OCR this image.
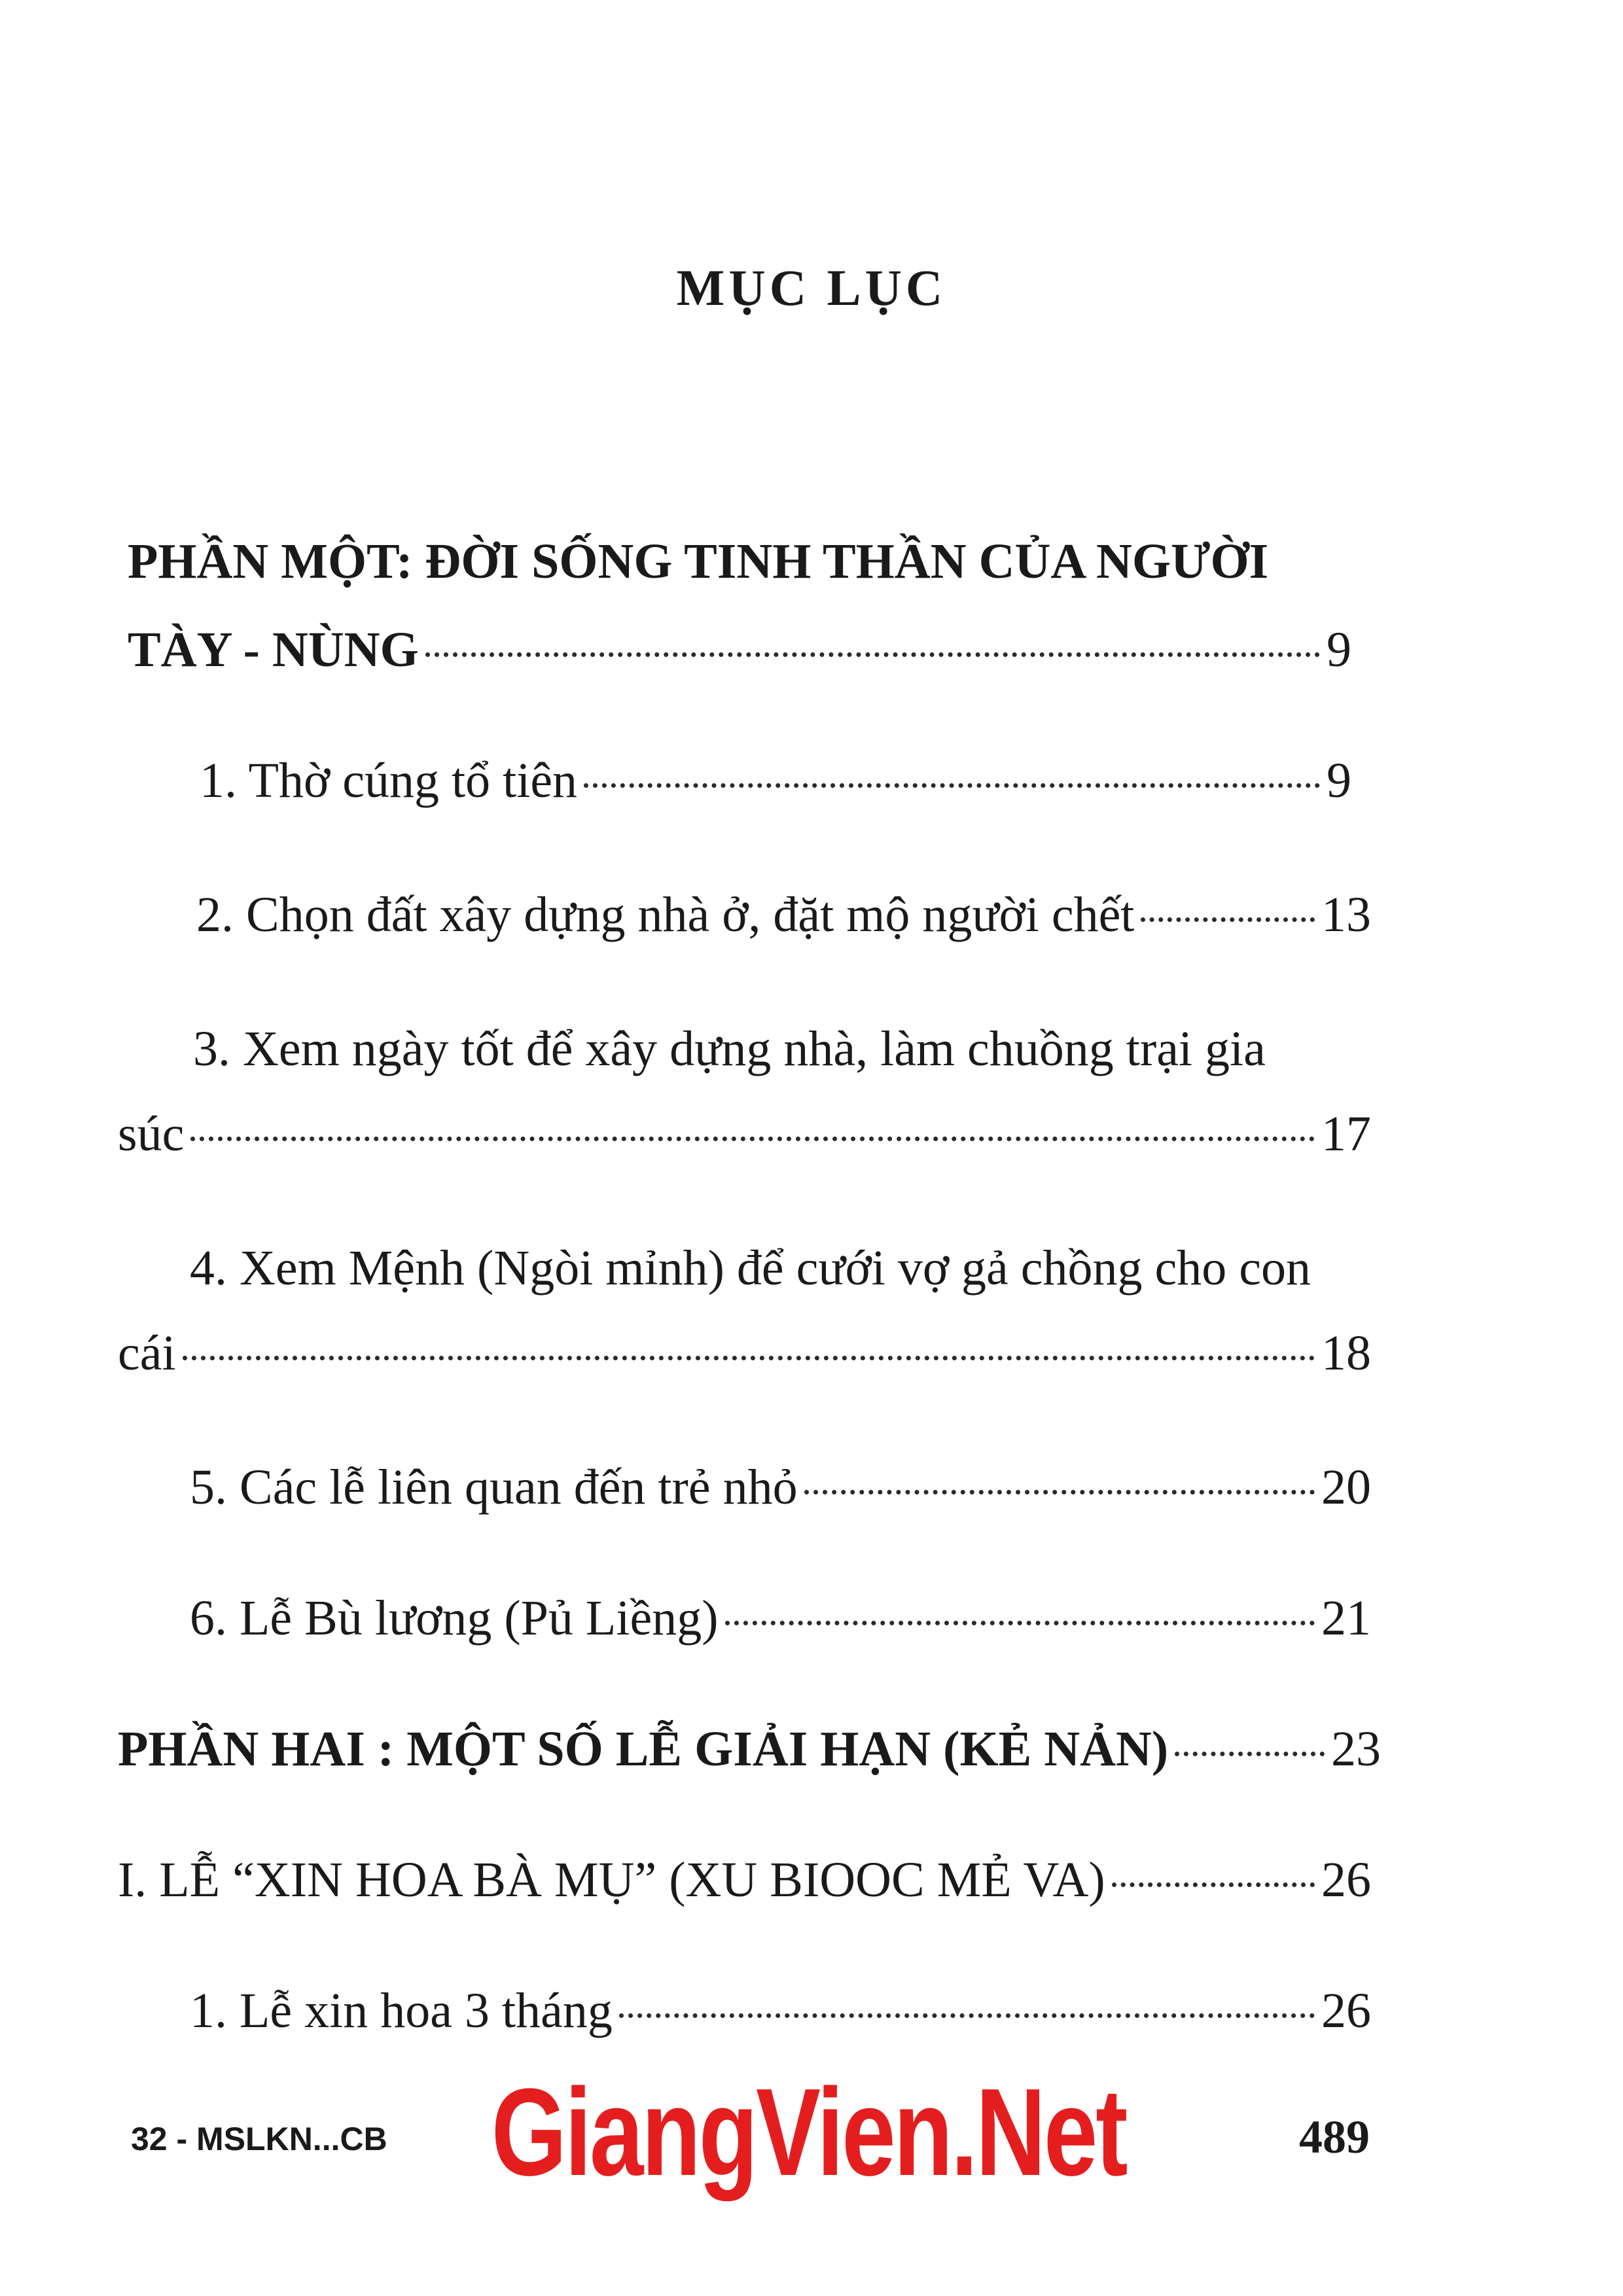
MỤC LỤC
PHẦN MỘT: ĐỜI SỐNG TINH THẦN CỦA NGƯỜI
TÀY - NÙNG	9
1. Thờ cúng tổ tiên	9
2. Chọn đất xây dựng nhà ở, đặt mộ người chết	13
3. Xem ngày tốt để xây dựng nhà, làm chuồng trại gia
súc	17
4. Xem Mệnh (Ngòi mỉnh) để cưới vợ gả chồng cho con
cái	18
5. Các lễ liên quan đến trẻ nhỏ	20
6. Lễ Bù lương (Pủ Liềng)	21
PHẦN HAI : MỘT SỐ LỄ GIẢI HẠN (KẺ NẢN)	23
I. LỄ “XIN HOA BÀ MỤ” (XU BIOOC MẺ VA)	26
1. Lễ xin hoa 3 tháng	26
32 - MSLKN...CB GiangVien.Net	489
